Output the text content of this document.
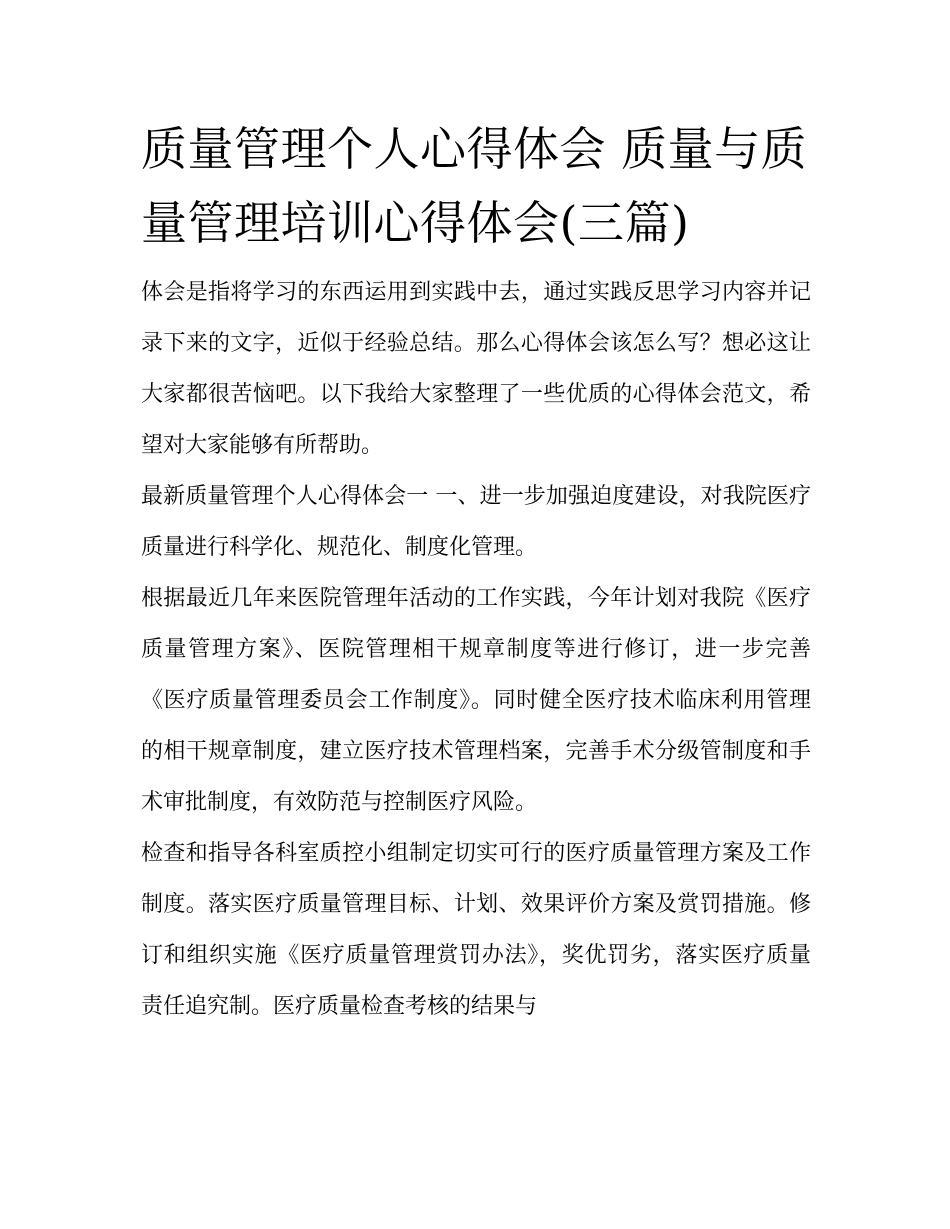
质量管理个人心得体会 质量与质量管理培训心得体会(三篇)

体会是指将学习的东西运用到实践中去，通过实践反思学习内容并记录下来的文字，近似于经验总结。那么心得体会该怎么写？想必这让大家都很苦恼吧。以下我给大家整理了一些优质的心得体会范文，希望对大家能够有所帮助。

最新质量管理个人心得体会一 一、进一步加强迫度建设，对我院医疗质量进行科学化、规范化、制度化管理。

根据最近几年来医院管理年活动的工作实践，今年计划对我院《医疗质量管理方案》、医院管理相干规章制度等进行修订，进一步完善《医疗质量管理委员会工作制度》。同时健全医疗技术临床利用管理的相干规章制度，建立医疗技术管理档案，完善手术分级管制度和手术审批制度，有效防范与控制医疗风险。

检查和指导各科室质控小组制定切实可行的医疗质量管理方案及工作制度。落实医疗质量管理目标、计划、效果评价方案及赏罚措施。修订和组织实施《医疗质量管理赏罚办法》，奖优罚劣，落实医疗质量责任追究制。医疗质量检查考核的结果与
